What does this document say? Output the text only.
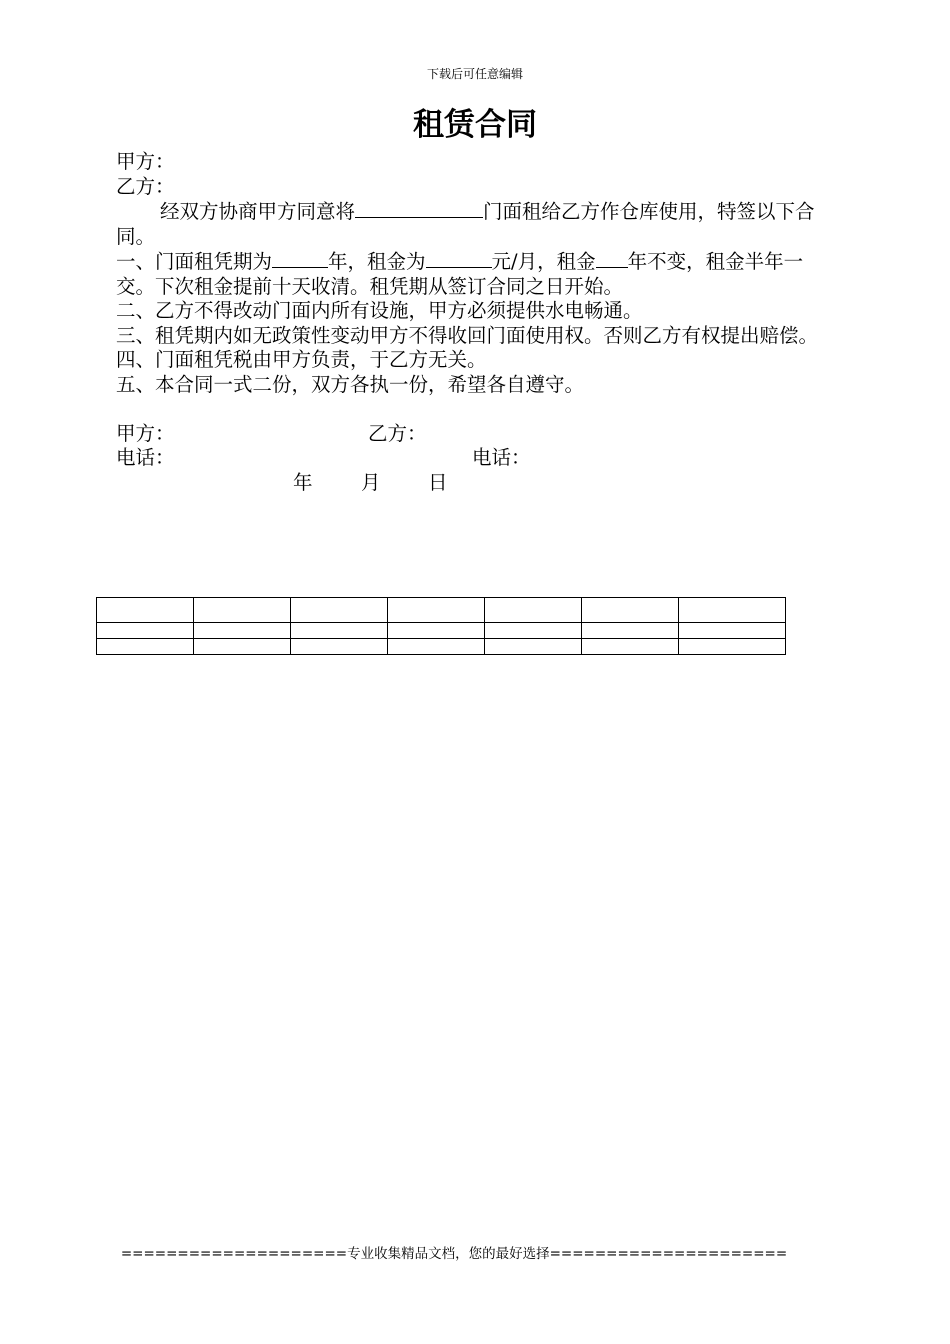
下载后可任意编辑
租赁合同

甲方：

乙方：

经双方协商甲方同意将	门面租给乙方作仓库使用，特签以下合同。

一、门面租凭期为	年，租金为	元/月，租金 年不变，租金半年一交。下次租金提前十天收清。租凭期从签订合同之日开始。

二、乙方不得改动门面内所有设施，甲方必须提供水电畅通。

三、租凭期内如无政策性变动甲方不得收回门面使用权。否则乙方有权提出赔偿。

四、门面租凭税由甲方负责，于乙方无关。

五、本合同一式二份，双方各执一份，希望各自遵守。

甲方：	乙方：
电话：	电话：
年 月 日

====================专业收集精品文档，您的最好选择=====================
